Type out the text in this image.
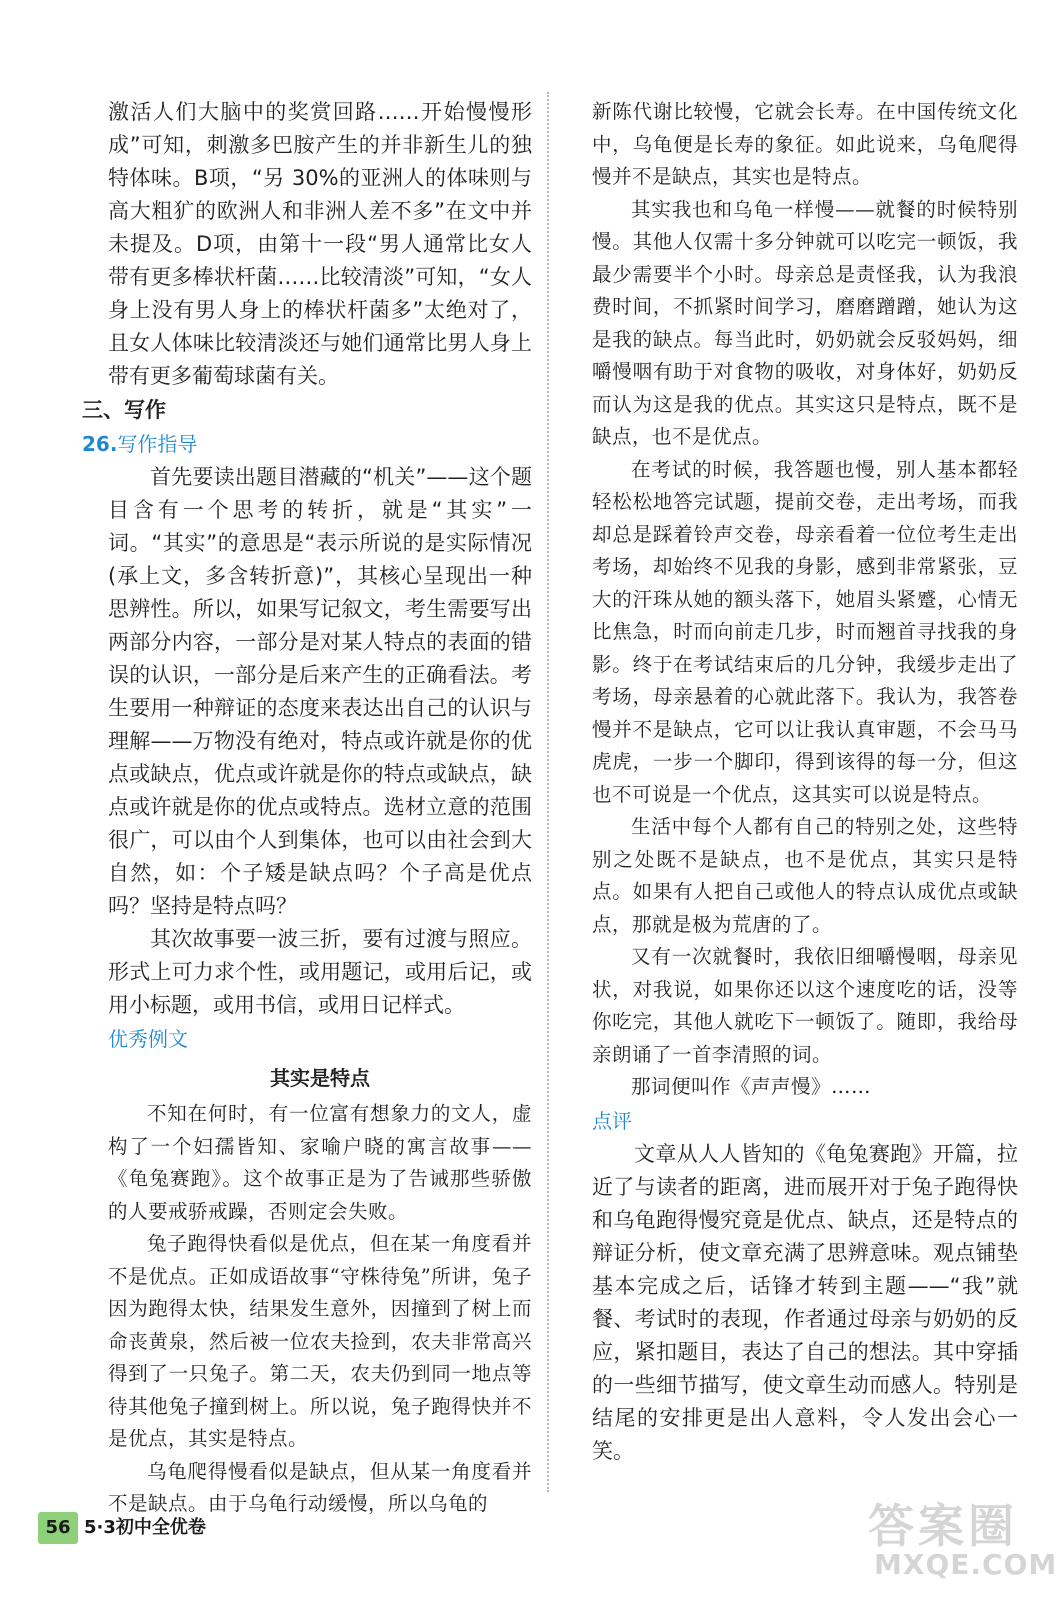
激活人们大脑中的奖赏回路……开始慢慢形成”可知，刺激多巴胺产生的并非新生儿的独特体味。B项，“另 30%的亚洲人的体味则与高大粗犷的欧洲人和非洲人差不多”在文中并未提及。D项，由第十一段“男人通常比女人带有更多棒状杆菌……比较清淡”可知，“女人身上没有男人身上的棒状杆菌多”太绝对了，且女人体味比较清淡还与她们通常比男人身上带有更多葡萄球菌有关。

三、写作
26.写作指导

首先要读出题目潜藏的“机关”——这个题目含有一个思考的转折，就是“其实”一词。“其实”的意思是“表示所说的是实际情况(承上文，多含转折意)”，其核心呈现出一种思辨性。所以，如果写记叙文，考生需要写出两部分内容，一部分是对某人特点的表面的错误的认识，一部分是后来产生的正确看法。考生要用一种辩证的态度来表达出自己的认识与理解——万物没有绝对，特点或许就是你的优点或缺点，优点或许就是你的特点或缺点，缺点或许就是你的优点或特点。选材立意的范围很广，可以由个人到集体，也可以由社会到大自然，如：个子矮是缺点吗？个子高是优点吗？坚持是特点吗？

其次故事要一波三折，要有过渡与照应。形式上可力求个性，或用题记，或用后记，或用小标题，或用书信，或用日记样式。

优秀例文
其实是特点

不知在何时，有一位富有想象力的文人，虚构了一个妇孺皆知、家喻户晓的寓言故事——《龟兔赛跑》。这个故事正是为了告诫那些骄傲的人要戒骄戒躁，否则定会失败。

兔子跑得快看似是优点，但在某一角度看并不是优点。正如成语故事“守株待兔”所讲，兔子因为跑得太快，结果发生意外，因撞到了树上而命丧黄泉，然后被一位农夫捡到，农夫非常高兴得到了一只兔子。第二天，农夫仍到同一地点等待其他兔子撞到树上。所以说，兔子跑得快并不是优点，其实是特点。

乌龟爬得慢看似是缺点，但从某一角度看并不是缺点。由于乌龟行动缓慢，所以乌龟的

新陈代谢比较慢，它就会长寿。在中国传统文化中，乌龟便是长寿的象征。如此说来，乌龟爬得慢并不是缺点，其实也是特点。

其实我也和乌龟一样慢——就餐的时候特别慢。其他人仅需十多分钟就可以吃完一顿饭，我最少需要半个小时。母亲总是责怪我，认为我浪费时间，不抓紧时间学习，磨磨蹭蹭，她认为这是我的缺点。每当此时，奶奶就会反驳妈妈，细嚼慢咽有助于对食物的吸收，对身体好，奶奶反而认为这是我的优点。其实这只是特点，既不是缺点，也不是优点。

在考试的时候，我答题也慢，别人基本都轻轻松松地答完试题，提前交卷，走出考场，而我却总是踩着铃声交卷，母亲看着一位位考生走出考场，却始终不见我的身影，感到非常紧张，豆大的汗珠从她的额头落下，她眉头紧蹙，心情无比焦急，时而向前走几步，时而翘首寻找我的身影。终于在考试结束后的几分钟，我缓步走出了考场，母亲悬着的心就此落下。我认为，我答卷慢并不是缺点，它可以让我认真审题，不会马马虎虎，一步一个脚印，得到该得的每一分，但这也不可说是一个优点，这其实可以说是特点。

生活中每个人都有自己的特别之处，这些特别之处既不是缺点，也不是优点，其实只是特点。如果有人把自己或他人的特点认成优点或缺点，那就是极为荒唐的了。

又有一次就餐时，我依旧细嚼慢咽，母亲见状，对我说，如果你还以这个速度吃的话，没等你吃完，其他人就吃下一顿饭了。随即，我给母亲朗诵了一首李清照的词。

那词便叫作《声声慢》……

点评

文章从人人皆知的《龟兔赛跑》开篇，拉近了与读者的距离，进而展开对于兔子跑得快和乌龟跑得慢究竟是优点、缺点，还是特点的辩证分析，使文章充满了思辨意味。观点铺垫基本完成之后，话锋才转到主题——“我”就餐、考试时的表现，作者通过母亲与奶奶的反应，紧扣题目，表达了自己的想法。其中穿插的一些细节描写，使文章生动而感人。特别是结尾的安排更是出人意料，令人发出会心一笑。

56 5·3初中全优卷	答案圈
MXQE.COM
